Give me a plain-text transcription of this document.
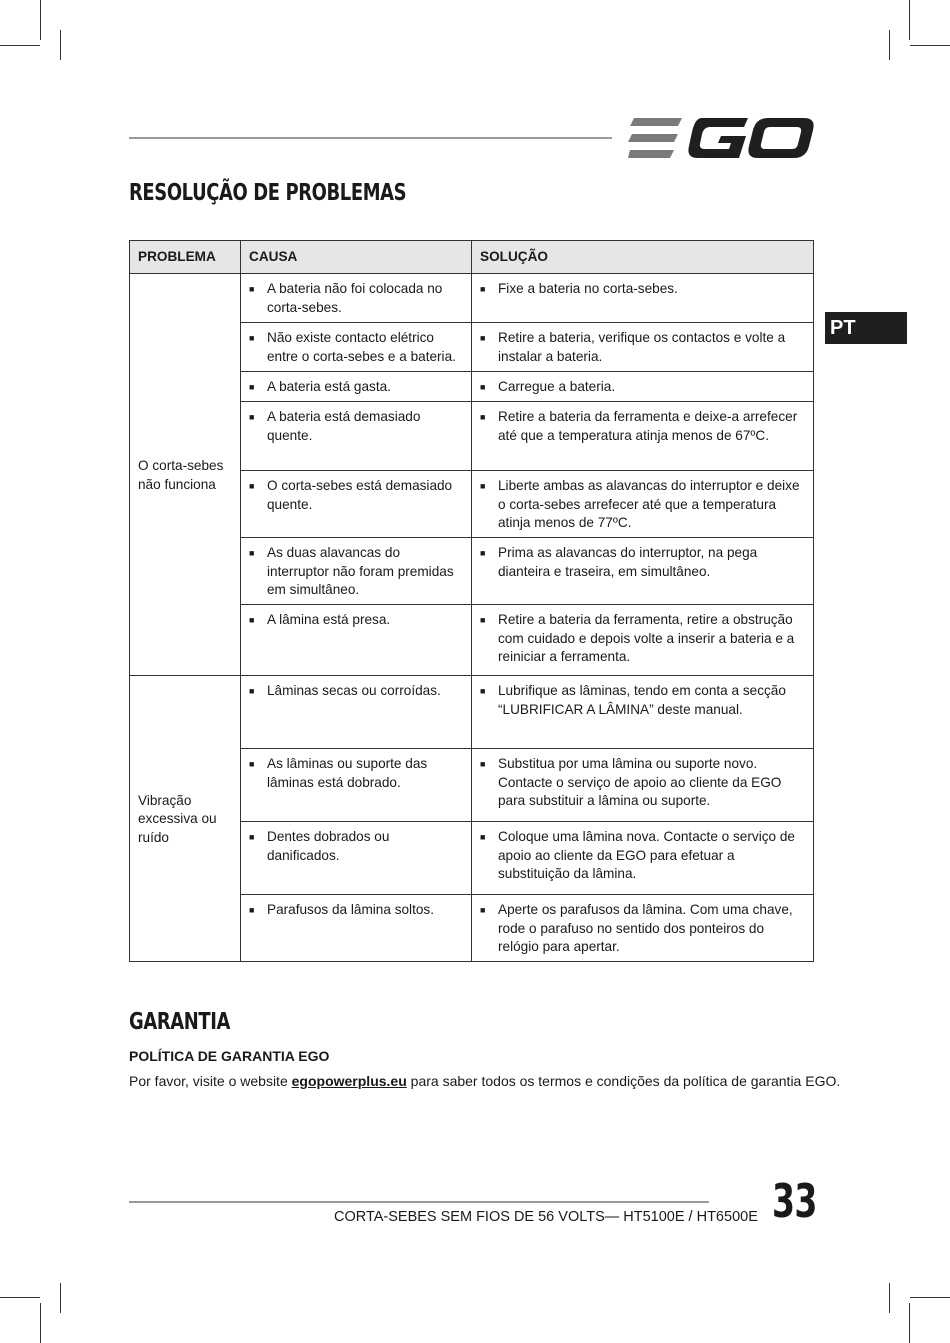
PT
RESOLUÇÃO DE PROBLEMAS
PROBLEMA	CAUSA	SOLUÇÃO
O corta-sebes não funciona	■ A bateria não foi colocada no corta-sebes.	■ Fixe a bateria no corta-sebes.

	■ Não existe contacto elétrico entre o corta-sebes e a bateria.	■ Retire a bateria, verifique os contactos e volte a instalar a bateria.

	■ A bateria está gasta.	■ Carregue a bateria.

	■ A bateria está demasiado quente.	■ Retire a bateria da ferramenta e deixe-a arrefecer até que a temperatura atinja menos de 67ºC.

	■ O corta-sebes está demasiado quente.	■ Liberte ambas as alavancas do interruptor e deixe o corta-sebes arrefecer até que a temperatura atinja menos de 77ºC.

	■ As duas alavancas do interruptor não foram premidas em simultâneo.	■ Prima as alavancas do interruptor, na pega dianteira e traseira, em simultâneo.

	■ A lâmina está presa.	■ Retire a bateria da ferramenta, retire a obstrução com cuidado e depois volte a inserir a bateria e a reiniciar a ferramenta.

Vibração excessiva ou ruído	■ Lâminas secas ou corroídas.	■ Lubrifique as lâminas, tendo em conta a secção “LUBRIFICAR A LÂMINA” deste manual.

	■ As lâminas ou suporte das lâminas está dobrado.	■ Substitua por uma lâmina ou suporte novo. Contacte o serviço de apoio ao cliente da EGO para substituir a lâmina ou suporte.

	■ Dentes dobrados ou danificados.	■ Coloque uma lâmina nova. Contacte o serviço de apoio ao cliente da EGO para efetuar a substituição da lâmina.

	■ Parafusos da lâmina soltos.	■ Aperte os parafusos da lâmina. Com uma chave, rode o parafuso no sentido dos ponteiros do relógio para apertar.
GARANTIA
POLÍTICA DE GARANTIA EGO
Por favor, visite o website egopowerplus.eu para saber todos os termos e condições da política de garantia EGO.
CORTA-SEBES SEM FIOS DE 56 VOLTS— HT5100E / HT6500E 33
